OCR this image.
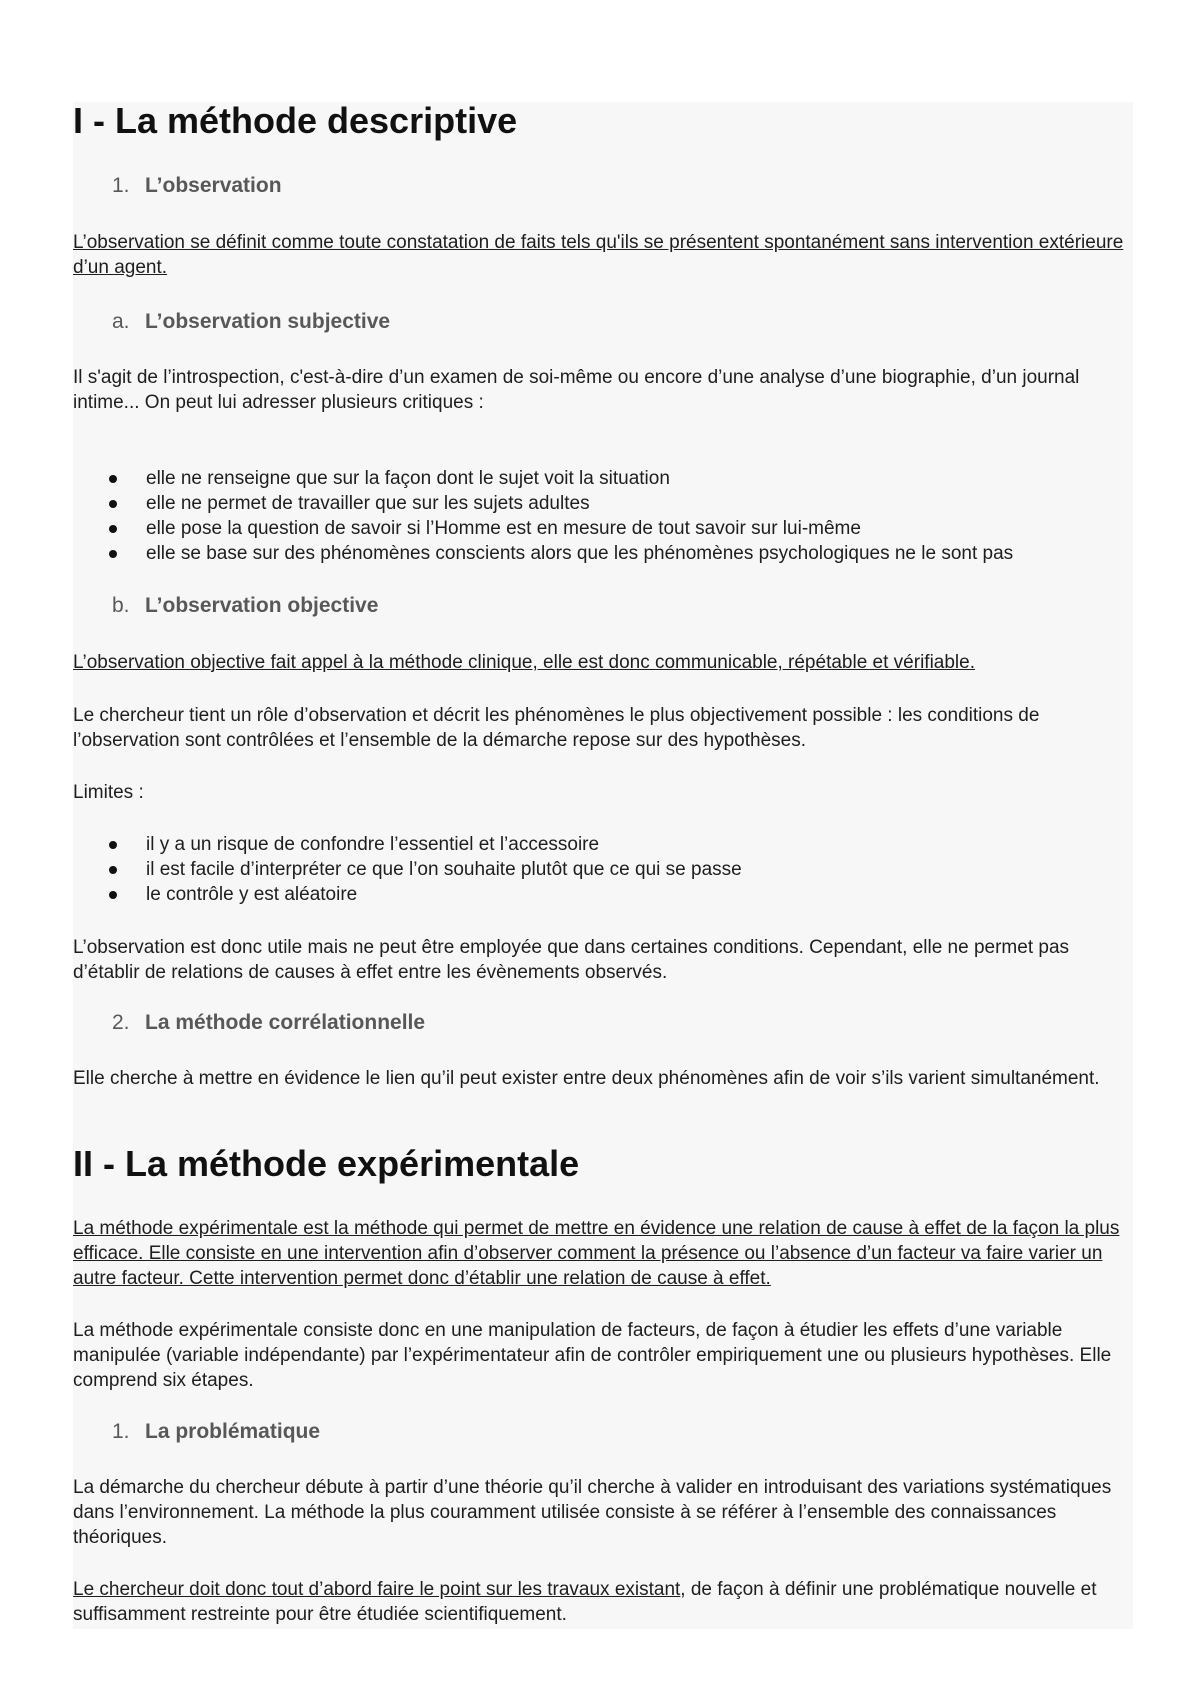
I - La méthode descriptive
1. L’observation
L’observation se définit comme toute constatation de faits tels qu'ils se présentent spontanément sans intervention extérieure d’un agent.
a. L’observation subjective
Il s'agit de l’introspection, c'est-à-dire d’un examen de soi-même ou encore d’une analyse d’une biographie, d’un journal intime... On peut lui adresser plusieurs critiques :
elle ne renseigne que sur la façon dont le sujet voit la situation
elle ne permet de travailler que sur les sujets adultes
elle pose la question de savoir si l’Homme est en mesure de tout savoir sur lui-même
elle se base sur des phénomènes conscients alors que les phénomènes psychologiques ne le sont pas
b. L’observation objective
L’observation objective fait appel à la méthode clinique, elle est donc communicable, répétable et vérifiable.
Le chercheur tient un rôle d’observation et décrit les phénomènes le plus objectivement possible : les conditions de l’observation sont contrôlées et l’ensemble de la démarche repose sur des hypothèses.
Limites :
il y a un risque de confondre l’essentiel et l’accessoire
il est facile d’interpréter ce que l’on souhaite plutôt que ce qui se passe
le contrôle y est aléatoire
L’observation est donc utile mais ne peut être employée que dans certaines conditions. Cependant, elle ne permet pas d’établir de relations de causes à effet entre les évènements observés.
2. La méthode corrélationnelle
Elle cherche à mettre en évidence le lien qu’il peut exister entre deux phénomènes afin de voir s’ils varient simultanément.
II - La méthode expérimentale
La méthode expérimentale est la méthode qui permet de mettre en évidence une relation de cause à effet de la façon la plus efficace. Elle consiste en une intervention afin d’observer comment la présence ou l’absence d’un facteur va faire varier un autre facteur. Cette intervention permet donc d’établir une relation de cause à effet.
La méthode expérimentale consiste donc en une manipulation de facteurs, de façon à étudier les effets d’une variable manipulée (variable indépendante) par l’expérimentateur afin de contrôler empiriquement une ou plusieurs hypothèses. Elle comprend six étapes.
1. La problématique
La démarche du chercheur débute à partir d’une théorie qu’il cherche à valider en introduisant des variations systématiques dans l’environnement. La méthode la plus couramment utilisée consiste à se référer à l’ensemble des connaissances théoriques.
Le chercheur doit donc tout d’abord faire le point sur les travaux existant, de façon à définir une problématique nouvelle et suffisamment restreinte pour être étudiée scientifiquement.
